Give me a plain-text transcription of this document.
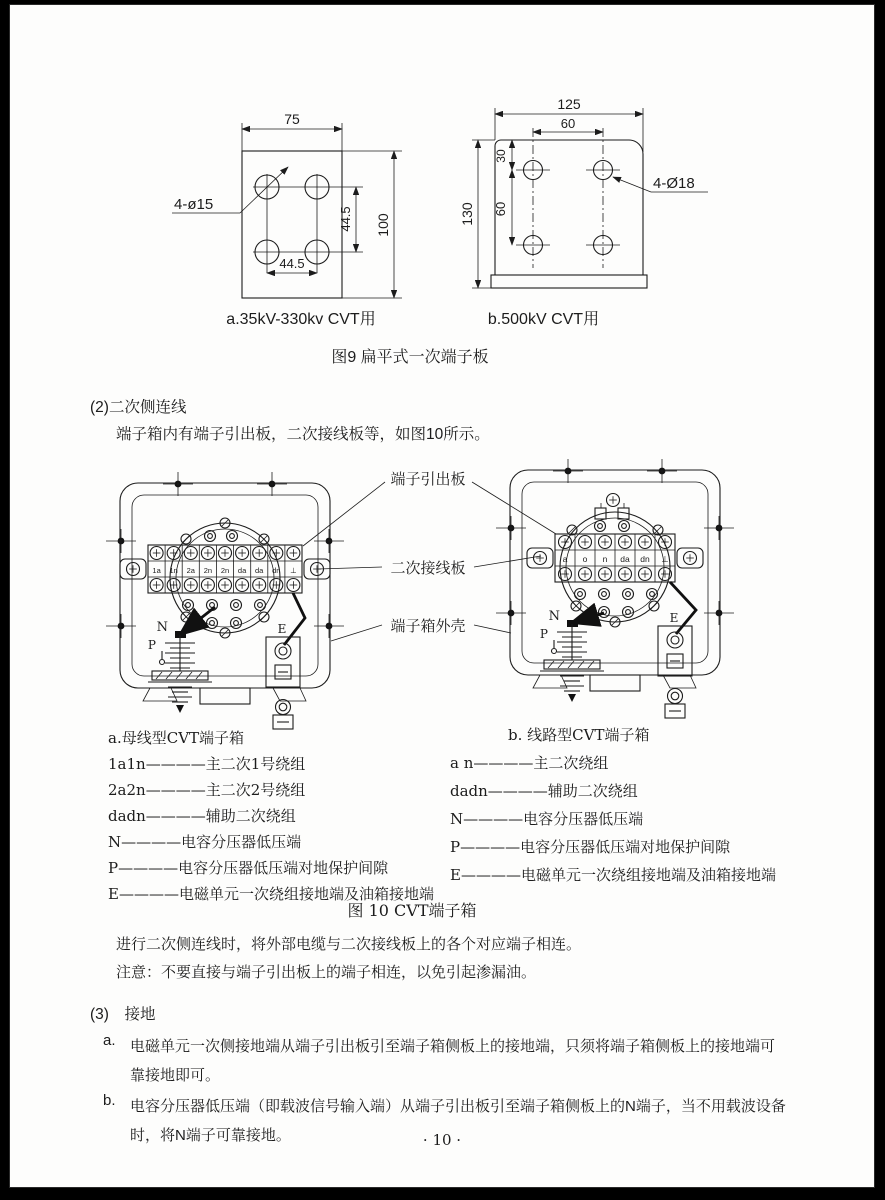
75
44.5 100
44.5
4-ø15
125
60
130
30
60
4-Ø18
a.35kV-330kv CVT用	b.500kV CVT用
图9 扁平式一次端子板
(2)二次侧连线
端子箱内有端子引出板，二次接线板等，如图10所示。
1a 1n 2a 2n 2n da da dn ⊥
N
P
E
a o n da dn ⊥
N
P
E
端子引出板
二次接线板
端子箱外壳
a.母线型CVT端子箱
1a1n————主二次1号绕组
2a2n————主二次2号绕组
dadn————辅助二次绕组
N————电容分压器低压端
P————电容分压器低压端对地保护间隙
E————电磁单元一次绕组接地端及油箱接地端
b. 线路型CVT端子箱
a n————主二次绕组
dadn————辅助二次绕组
N————电容分压器低压端
P————电容分压器低压端对地保护间隙
E————电磁单元一次绕组接地端及油箱接地端
图 10 CVT端子箱
进行二次侧连线时，将外部电缆与二次接线板上的各个对应端子相连。
注意：不要直接与端子引出板上的端子相连，以免引起渗漏油。
(3)　接地
a. 电磁单元一次侧接地端从端子引出板引至端子箱侧板上的接地端，只须将端子箱侧板上的接地端可靠接地即可。
b. 电容分压器低压端（即载波信号输入端）从端子引出板引至端子箱侧板上的N端子，当不用载波设备时，将N端子可靠接地。	· 10 ·
